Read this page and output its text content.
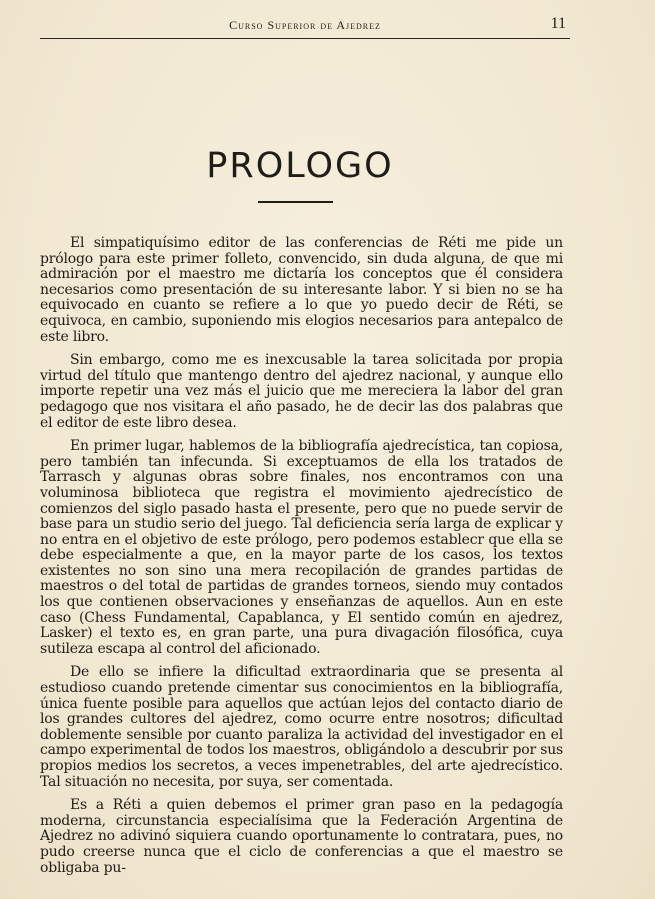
Curso Superior de Ajedrez	11
PROLOGO

El simpatiquísimo editor de las conferencias de Réti me pide un prólogo para este primer folleto, convencido, sin duda alguna, de que mi admiración por el maestro me dictaría los conceptos que él considera necesarios como presentación de su interesante labor. Y si bien no se ha equivocado en cuanto se refiere a lo que yo puedo decir de Réti, se equivoca, en cambio, suponiendo mis elogios necesarios para antepalco de este libro.

Sin embargo, como me es inexcusable la tarea solicitada por propia virtud del título que mantengo dentro del ajedrez nacional, y aunque ello importe repetir una vez más el juicio que me mereciera la labor del gran pedagogo que nos visitara el año pasado, he de decir las dos palabras que el editor de este libro desea.

En primer lugar, hablemos de la bibliografía ajedrecística, tan copiosa, pero también tan infecunda. Si exceptuamos de ella los tratados de Tarrasch y algunas obras sobre finales, nos encontramos con una voluminosa biblioteca que registra el movimiento ajedrecístico de comienzos del siglo pasado hasta el presente, pero que no puede servir de base para un studio serio del juego. Tal deficiencia sería larga de explicar y no entra en el objetivo de este prólogo, pero podemos establecr que ella se debe especialmente a que, en la mayor parte de los casos, los textos existentes no son sino una mera recopilación de grandes partidas de maestros o del total de partidas de grandes torneos, siendo muy contados los que contienen observaciones y enseñanzas de aquellos. Aun en este caso (Chess Fundamental, Capablanca, y El sentido común en ajedrez, Lasker) el texto es, en gran parte, una pura divagación filosófica, cuya sutileza escapa al control del aficionado.

De ello se infiere la dificultad extraordinaria que se presenta al estudioso cuando pretende cimentar sus conocimientos en la bibliografía, única fuente posible para aquellos que actúan lejos del contacto diario de los grandes cultores del ajedrez, como ocurre entre nosotros; dificultad doblemente sensible por cuanto paraliza la actividad del investigador en el campo experimental de todos los maestros, obligándolo a descubrir por sus propios medios los secretos, a veces impenetrables, del arte ajedrecístico. Tal situación no necesita, por suya, ser comentada.

Es a Réti a quien debemos el primer gran paso en la pedagogía moderna, circunstancia especialísima que la Federación Argentina de Ajedrez no adivinó siquiera cuando oportunamente lo contratara, pues, no pudo creerse nunca que el ciclo de conferencias a que el maestro se obligaba pu-
